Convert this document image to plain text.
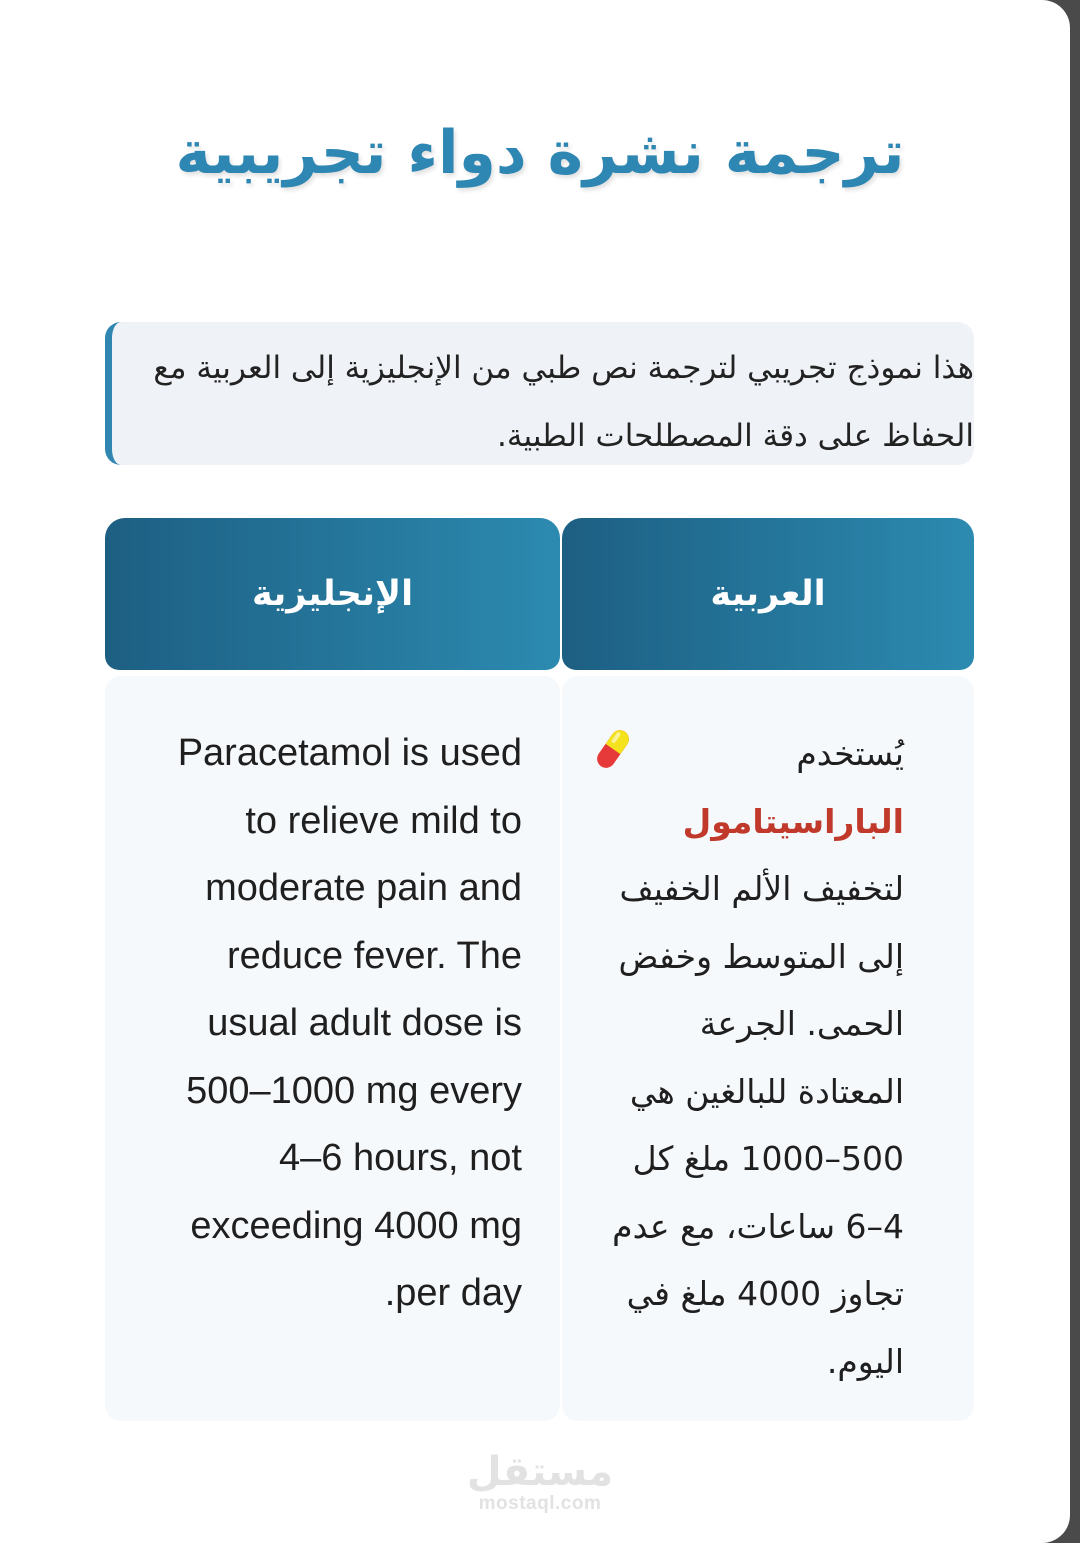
ترجمة نشرة دواء تجريبية
هذا نموذج تجريبي لترجمة نص طبي من الإنجليزية إلى العربية مع الحفاظ على دقة المصطلحات الطبية.
الإنجليزية	العربية

Paracetamol is used to relieve mild to moderate pain and reduce fever. The usual adult dose is 500–1000 mg every 4–6 hours, not exceeding 4000 mg per day.

يُستخدم الباراسيتامول لتخفيف الألم الخفيف إلى المتوسط وخفض الحمى. الجرعة المعتادة للبالغين هي 500–1000 ملغ كل 4–6 ساعات، مع عدم تجاوز 4000 ملغ في اليوم.

مستقل
mostaql.com
